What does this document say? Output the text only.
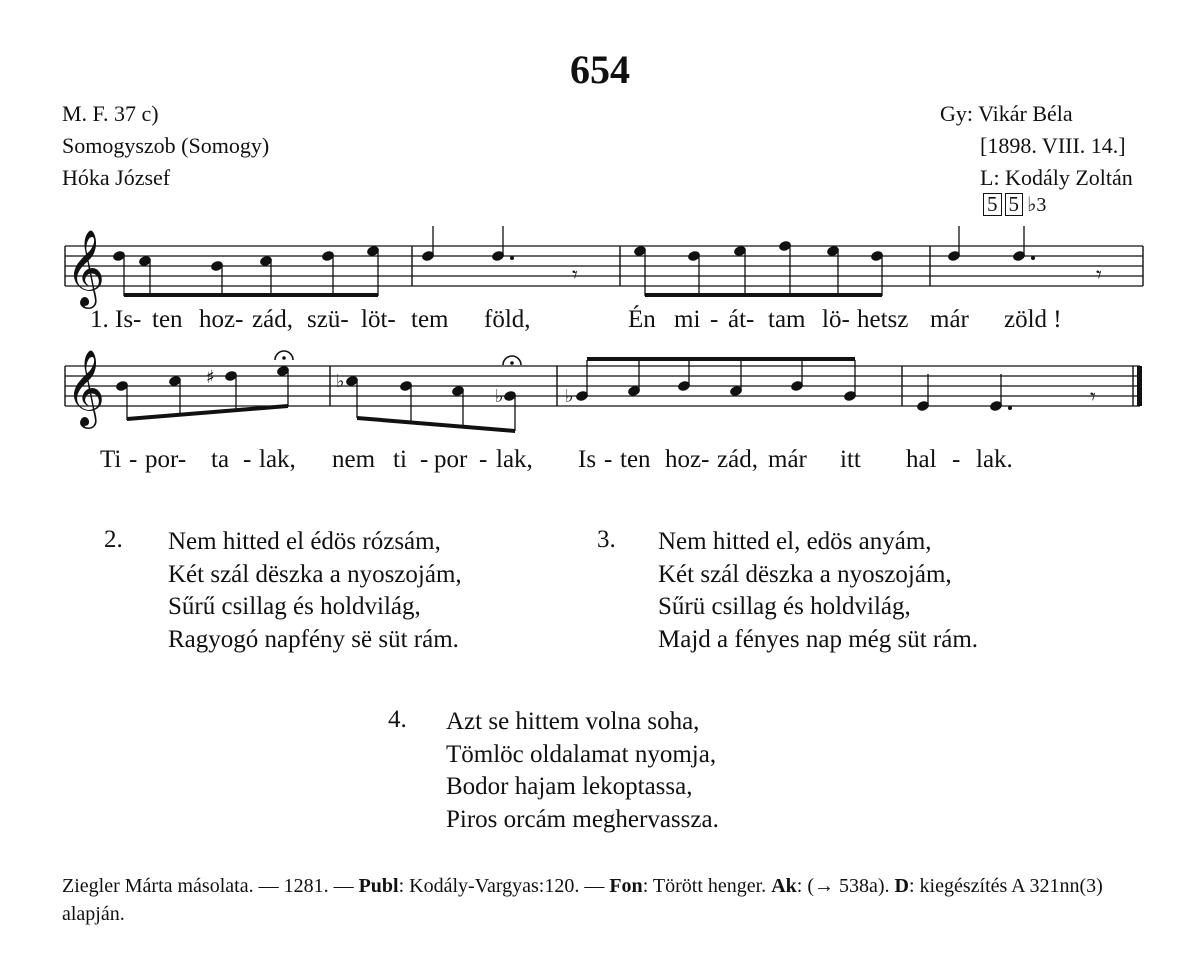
654
M. F. 37 c)
Somogyszob (Somogy)
Hóka József
Gy: Vikár Béla
[1898. VIII. 14.]
L: Kodály Zoltán
5 5 ♭3
𝄞	𝄾	𝄾
1. Is- ten hoz- zád, szü- löt- tem föld,	Én mi - át- tam lö- hetsz már zöld !
𝄞	♯	♭
♭	♭	𝄾
Ti - por- ta - lak, nem ti - por - lak, Is - ten hoz- zád, már itt hal - lak.
2. Nem hitted el édös rózsám,
Két szál dëszka a nyoszojám,
Sűrű csillag és holdvilág,
Ragyogó napfény së süt rám.
3. Nem hitted el, edös anyám,
Két szál dëszka a nyoszojám,
Sűrü csillag és holdvilág,
Majd a fényes nap még süt rám.
4. Azt se hittem volna soha,
Tömlöc oldalamat nyomja,
Bodor hajam lekoptassa,
Piros orcám meghervassza.
Ziegler Márta másolata. — 1281. — Publ: Kodály-Vargyas:120. — Fon: Törött henger. Ak: (→ 538a). D: kiegészítés A 321nn(3) alapján.
